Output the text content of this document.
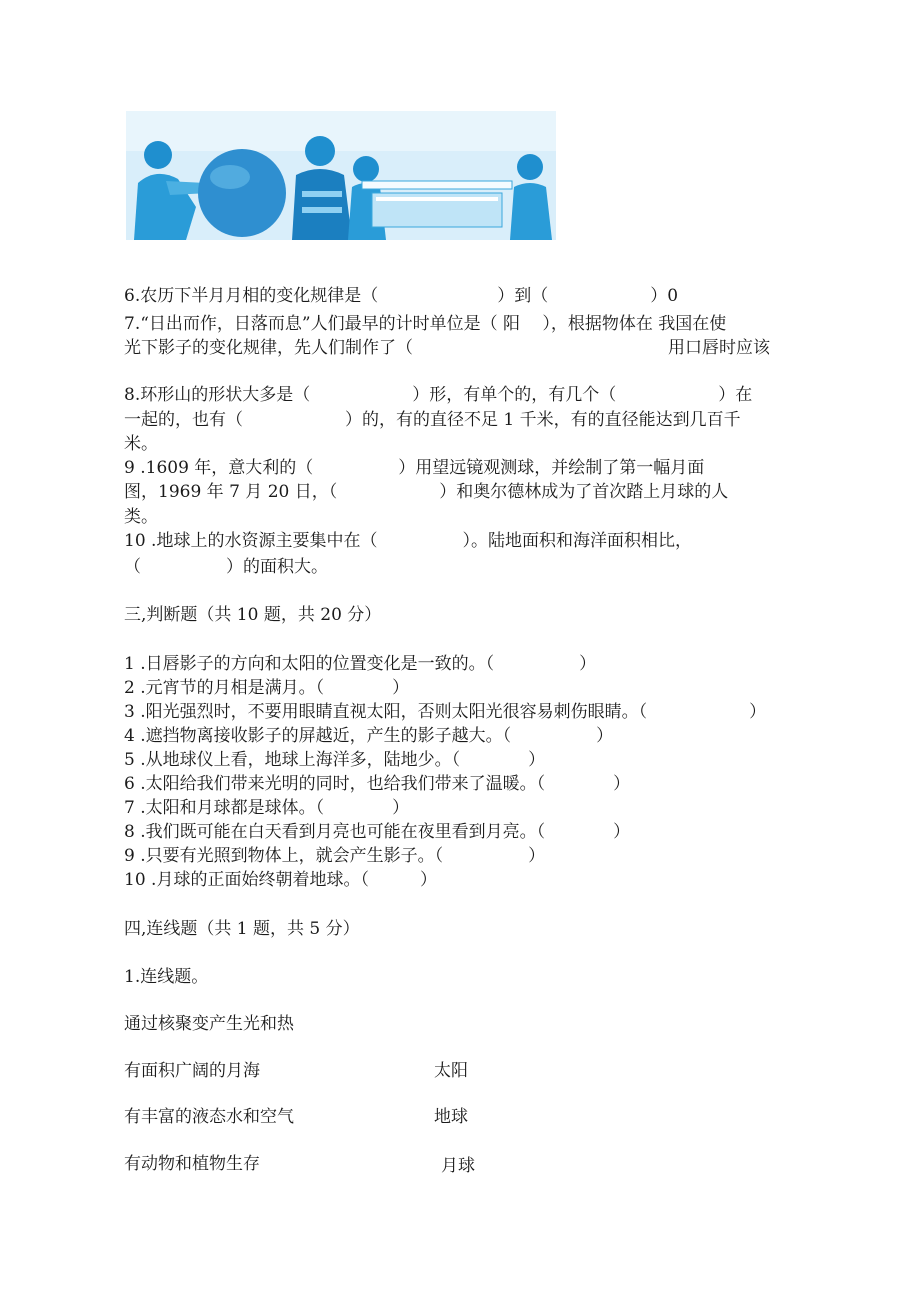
6.农历下半月月相的变化规律是（　　　　　　　）到（　　　　　　）0
7.“日出而作，日落而息”人们最早的计时单位是（ 阳　 ），根据物体在 我国在使
光下影子的变化规律，先人们制作了（	用口唇时应该
8.环形山的形状大多是（　　　　　　）形，有单个的，有几个（　　　　　　）在
一起的，也有（　　　　　　）的，有的直径不足 1 千米，有的直径能达到几百千
米。
9 .1609 年，意大利的（　　　　　）用望远镜观测球，并绘制了第一幅月面
图，1969 年 7 月 20 日，（　　　　　　）和奥尔德林成为了首次踏上月球的人
类。
10 .地球上的水资源主要集中在（　　　　　）。陆地面积和海洋面积相比，
（　　　　　）的面积大。
三,判断题（共 10 题，共 20 分）
1 .日唇影子的方向和太阳的位置变化是一致的。（　　　　　）
2 .元宵节的月相是满月。（　　　　）
3 .阳光强烈时，不要用眼睛直视太阳，否则太阳光很容易刺伤眼睛。（　　　　　　）
4 .遮挡物离接收影子的屏越近，产生的影子越大。（　　　　　）
5 .从地球仪上看，地球上海洋多，陆地少。（　　　　）
6 .太阳给我们带来光明的同时，也给我们带来了温暖。（　　　　）
7 .太阳和月球都是球体。（　　　　）
8 .我们既可能在白天看到月亮也可能在夜里看到月亮。（　　　　）
9 .只要有光照到物体上，就会产生影子。（　　　　　）
10 .月球的正面始终朝着地球。（　　　）
四,连线题（共 1 题，共 5 分）
1.连线题。
通过核聚变产生光和热
有面积广阔的月海	太阳
有丰富的液态水和空气	地球
有动物和植物生存	月球
